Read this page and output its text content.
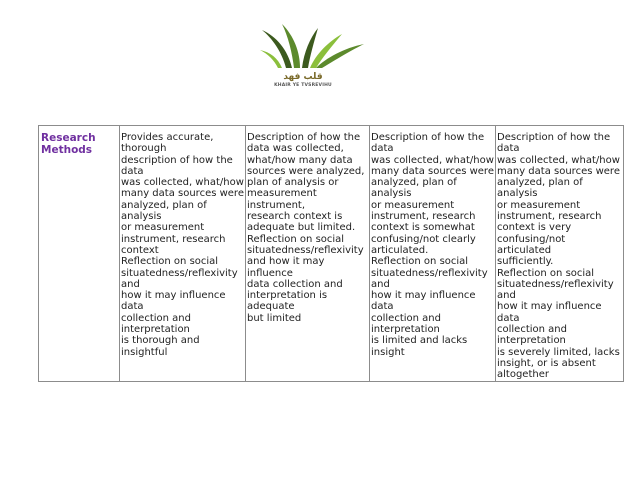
قلب فهد
KHAIR YE TVSREVIHU
Research
Methods	Provides accurate, thorough
description of how the data
was collected, what/how
many data sources were
analyzed, plan of analysis
or measurement
instrument, research
context
Reflection on social
situatedness/reflexivity and
how it may influence data
collection and interpretation
is thorough and insightful	Description of how the
data was collected,
what/how many data
sources were analyzed,
plan of analysis or
measurement instrument,
research context is
adequate but limited.
Reflection on social
situatedness/reflexivity
and how it may influence
data collection and
interpretation is adequate
but limited	Description of how the data
was collected, what/how
many data sources were
analyzed, plan of analysis
or measurement
instrument, research
context is somewhat
confusing/not clearly
articulated.
Reflection on social
situatedness/reflexivity and
how it may influence data
collection and interpretation
is limited and lacks insight	Description of how the data
was collected, what/how
many data sources were
analyzed, plan of analysis
or measurement
instrument, research
context is very
confusing/not articulated
sufficiently.
Reflection on social
situatedness/reflexivity and
how it may influence data
collection and interpretation
is severely limited, lacks
insight, or is absent
altogether
